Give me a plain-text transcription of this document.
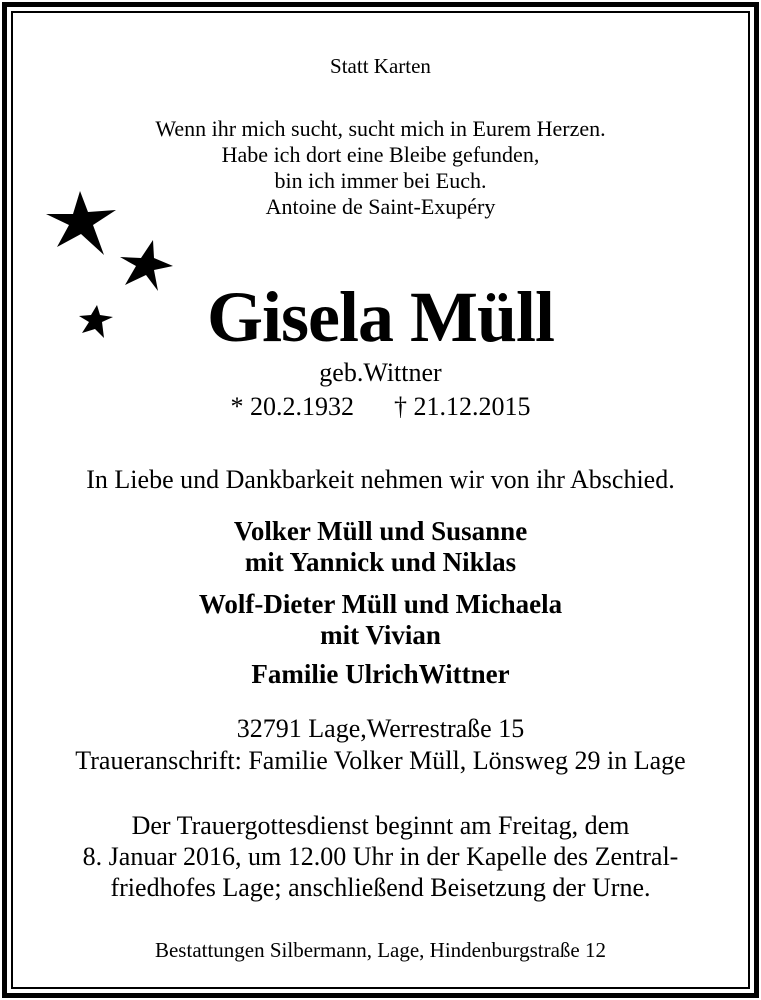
Statt Karten
Wenn ihr mich sucht, sucht mich in Eurem Herzen.
Habe ich dort eine Bleibe gefunden,
bin ich immer bei Euch.
Antoine de Saint-Exupéry
Gisela Müll
geb.Wittner
* 20.2.1932 † 21.12.2015
In Liebe und Dankbarkeit nehmen wir von ihr Abschied.
Volker Müll und Susanne
mit Yannick und Niklas
Wolf-Dieter Müll und Michaela
mit Vivian
Familie UlrichWittner
32791 Lage,Werrestraße 15
Traueranschrift: Familie Volker Müll, Lönsweg 29 in Lage
Der Trauergottesdienst beginnt am Freitag, dem
8. Januar 2016, um 12.00 Uhr in der Kapelle des Zentral-
friedhofes Lage; anschließend Beisetzung der Urne.
Bestattungen Silbermann, Lage, Hindenburgstraße 12
